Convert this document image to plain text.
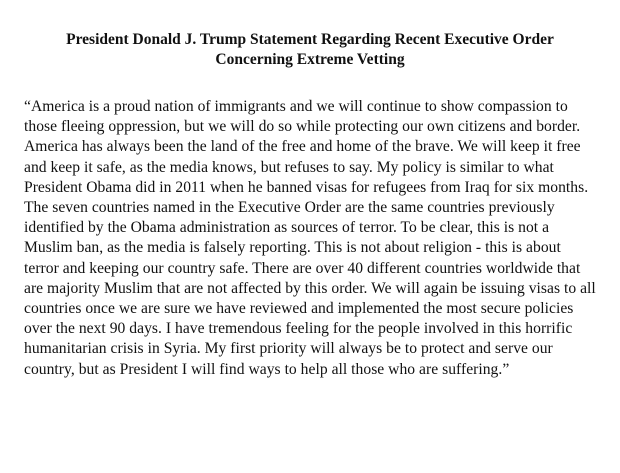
President Donald J. Trump Statement Regarding Recent Executive Order
Concerning Extreme Vetting

“America is a proud nation of immigrants and we will continue to show compassion to those fleeing oppression, but we will do so while protecting our own citizens and border. America has always been the land of the free and home of the brave. We will keep it free and keep it safe, as the media knows, but refuses to say. My policy is similar to what President Obama did in 2011 when he banned visas for refugees from Iraq for six months. The seven countries named in the Executive Order are the same countries previously identified by the Obama administration as sources of terror. To be clear, this is not a Muslim ban, as the media is falsely reporting. This is not about religion - this is about terror and keeping our country safe. There are over 40 different countries worldwide that are majority Muslim that are not affected by this order. We will again be issuing visas to all countries once we are sure we have reviewed and implemented the most secure policies over the next 90 days. I have tremendous feeling for the people involved in this horrific humanitarian crisis in Syria. My first priority will always be to protect and serve our country, but as President I will find ways to help all those who are suffering.”
